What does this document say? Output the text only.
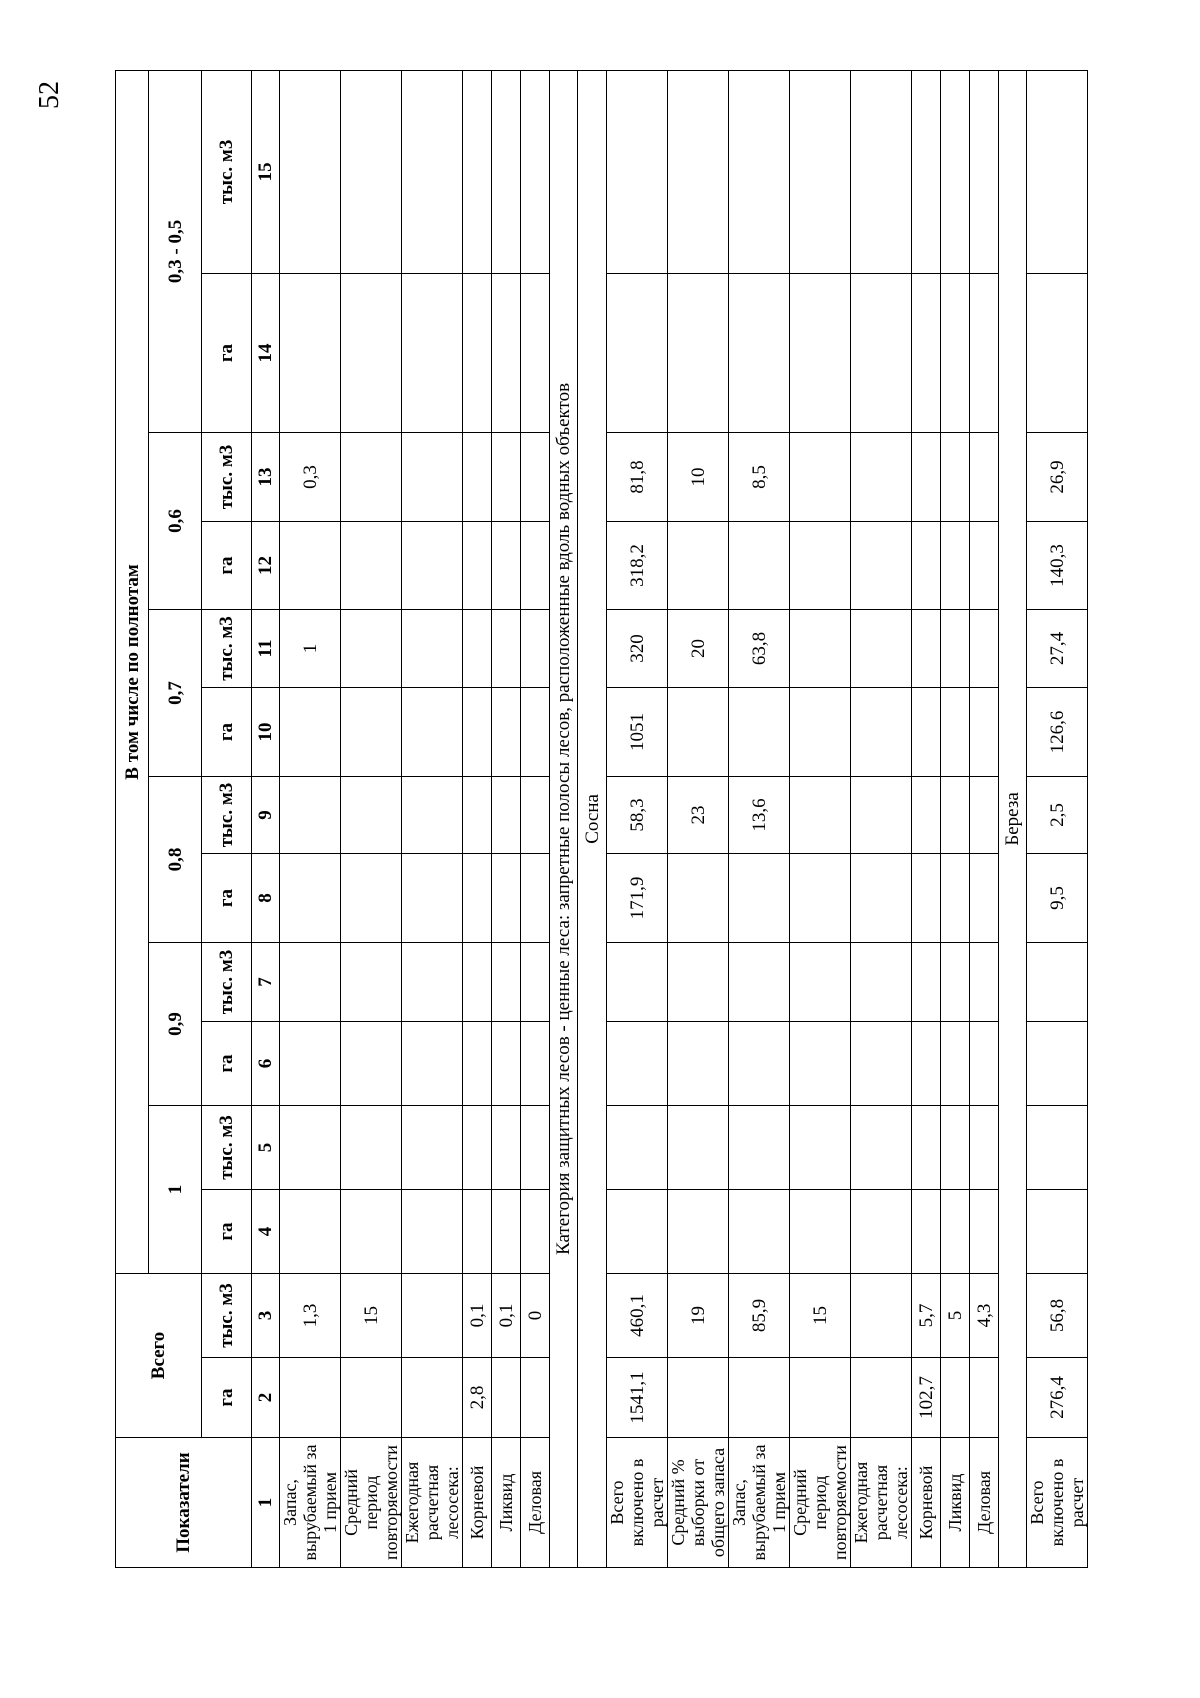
52
Показатели	Всего		В том числе по полнотам											
			1		0,9		0,8		0,7		0,6		0,3 - 0,5	
	га	тыс. м3	га	тыс. м3	га	тыс. м3	га	тыс. м3	га	тыс. м3	га	тыс. м3	га	тыс. м3
1	2	3	4	5	6	7	8	9	10	11	12	13	14	15
Запас, вырубаемый за 1 прием		1,3								1		0,3		
Средний период повторяемости		15												
Ежегодная расчетная лесосека:														
Корневой	2,8	0,1												
Ликвид		0,1												
Деловая		0												
Категория защитных лесов - ценные леса: запретные полосы лесов, расположенные вдоль водных объектов														
Сосна														
Всего включено в расчет	1541,1	460,1					171,9	58,3	1051	320	318,2	81,8		
Средний % выборки от общего запаса		19						23		20		10		
Запас, вырубаемый за 1 прием		85,9						13,6		63,8		8,5		
Средний период повторяемости		15												
Ежегодная расчетная лесосека:														
Корневой	102,7	5,7												
Ликвид		5												
Деловая		4,3												
Береза														
Всего включено в расчет	276,4	56,8					9,5	2,5	126,6	27,4	140,3	26,9		
